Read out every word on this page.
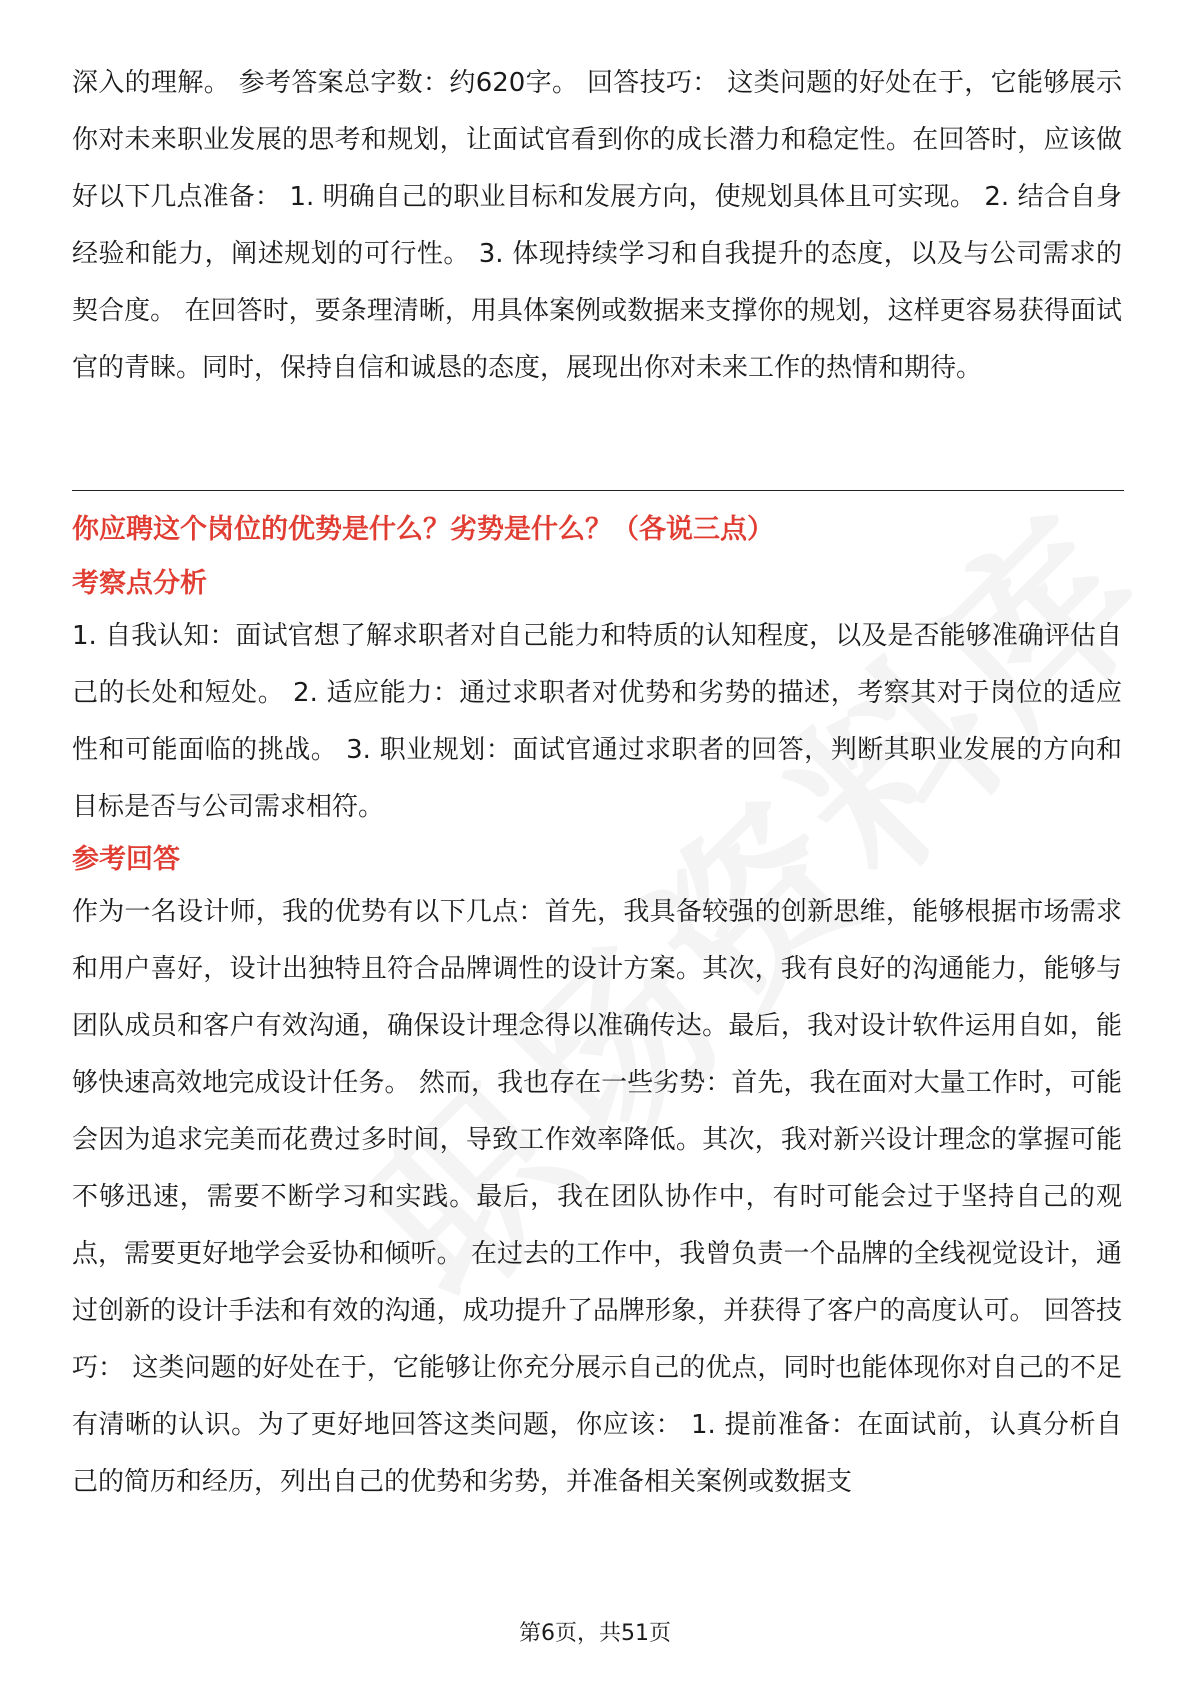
深入的理解。 参考答案总字数：约620字。 回答技巧： 这类问题的好处在于，它能够展示你对未来职业发展的思考和规划，让面试官看到你的成长潜力和稳定性。在回答时，应该做好以下几点准备： 1. 明确自己的职业目标和发展方向，使规划具体且可实现。 2. 结合自身经验和能力，阐述规划的可行性。 3. 体现持续学习和自我提升的态度，以及与公司需求的契合度。 在回答时，要条理清晰，用具体案例或数据来支撑你的规划，这样更容易获得面试官的青睐。同时，保持自信和诚恳的态度，展现出你对未来工作的热情和期待。

你应聘这个岗位的优势是什么？劣势是什么？（各说三点）
考察点分析

1. 自我认知：面试官想了解求职者对自己能力和特质的认知程度，以及是否能够准确评估自己的长处和短处。 2. 适应能力：通过求职者对优势和劣势的描述，考察其对于岗位的适应性和可能面临的挑战。 3. 职业规划：面试官通过求职者的回答，判断其职业发展的方向和目标是否与公司需求相符。

参考回答

作为一名设计师，我的优势有以下几点：首先，我具备较强的创新思维，能够根据市场需求和用户喜好，设计出独特且符合品牌调性的设计方案。其次，我有良好的沟通能力，能够与团队成员和客户有效沟通，确保设计理念得以准确传达。最后，我对设计软件运用自如，能够快速高效地完成设计任务。 然而，我也存在一些劣势：首先，我在面对大量工作时，可能会因为追求完美而花费过多时间，导致工作效率降低。其次，我对新兴设计理念的掌握可能不够迅速，需要不断学习和实践。最后，我在团队协作中，有时可能会过于坚持自己的观点，需要更好地学会妥协和倾听。 在过去的工作中，我曾负责一个品牌的全线视觉设计，通过创新的设计手法和有效的沟通，成功提升了品牌形象，并获得了客户的高度认可。 回答技巧： 这类问题的好处在于，它能够让你充分展示自己的优点，同时也能体现你对自己的不足有清晰的认识。为了更好地回答这类问题，你应该： 1. 提前准备：在面试前，认真分析自己的简历和经历，列出自己的优势和劣势，并准备相关案例或数据支

第6页，共51页
